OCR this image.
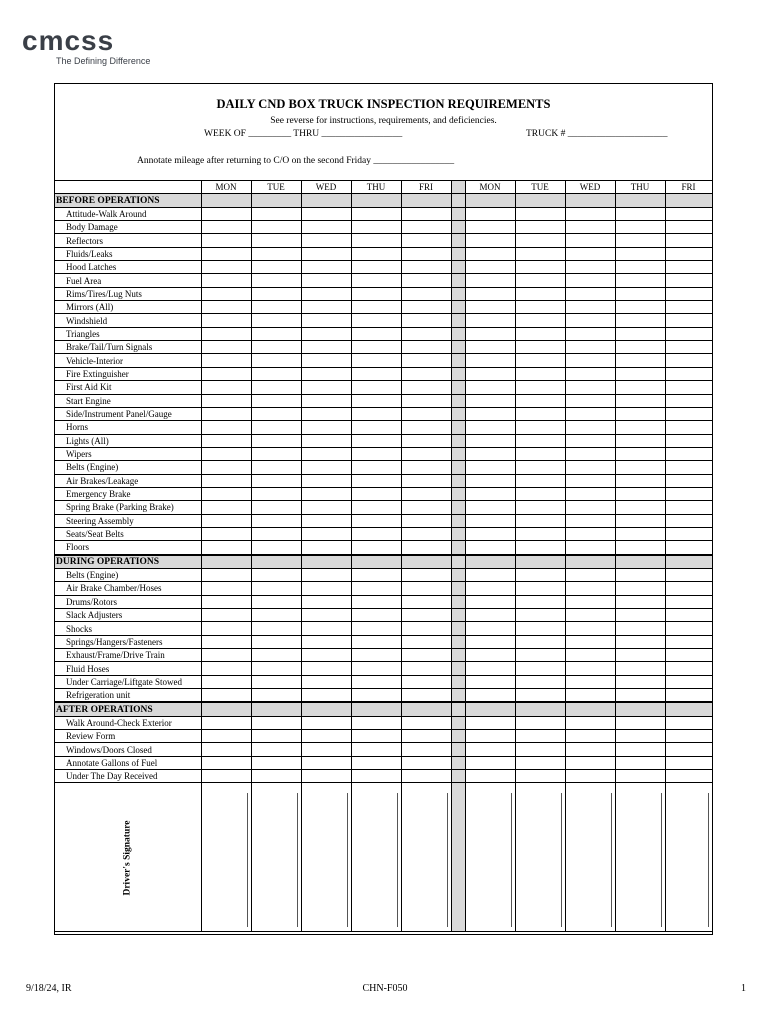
cmcss
The Defining Difference
DAILY CND BOX TRUCK INSPECTION REQUIREMENTS
See reverse for instructions, requirements, and deficiencies.
WEEK OF _________ THRU _________________	TRUCK # _____________________
Annotate mileage after returning to C/O on the second Friday _________________
	MON	TUE	WED	THU	FRI		MON	TUE	WED	THU	FRI
BEFORE OPERATIONS											
Attitude-Walk Around											
Body Damage											
Reflectors											
Fluids/Leaks											
Hood Latches											
Fuel Area											
Rims/Tires/Lug Nuts											
Mirrors (All)											
Windshield											
Triangles											
Brake/Tail/Turn Signals											
Vehicle-Interior											
Fire Extinguisher											
First Aid Kit											
Start Engine											
Side/Instrument Panel/Gauge											
Horns											
Lights (All)											
Wipers											
Belts (Engine)											
Air Brakes/Leakage											
Emergency Brake											
Spring Brake (Parking Brake)											
Steering Assembly											
Seats/Seat Belts											
Floors											
DURING OPERATIONS											
Belts (Engine)											
Air Brake Chamber/Hoses											
Drums/Rotors											
Slack Adjusters											
Shocks											
Springs/Hangers/Fasteners											
Exhaust/Frame/Drive Train											
Fluid Hoses											
Under Carriage/Liftgate Stowed											
Refrigeration unit											
AFTER OPERATIONS											
Walk Around-Check Exterior											
Review Form											
Windows/Doors Closed											
Annotate Gallons of Fuel											
Under The Day Received											
Driver's Signature	

9/18/24, IR	CHN-F050	1
